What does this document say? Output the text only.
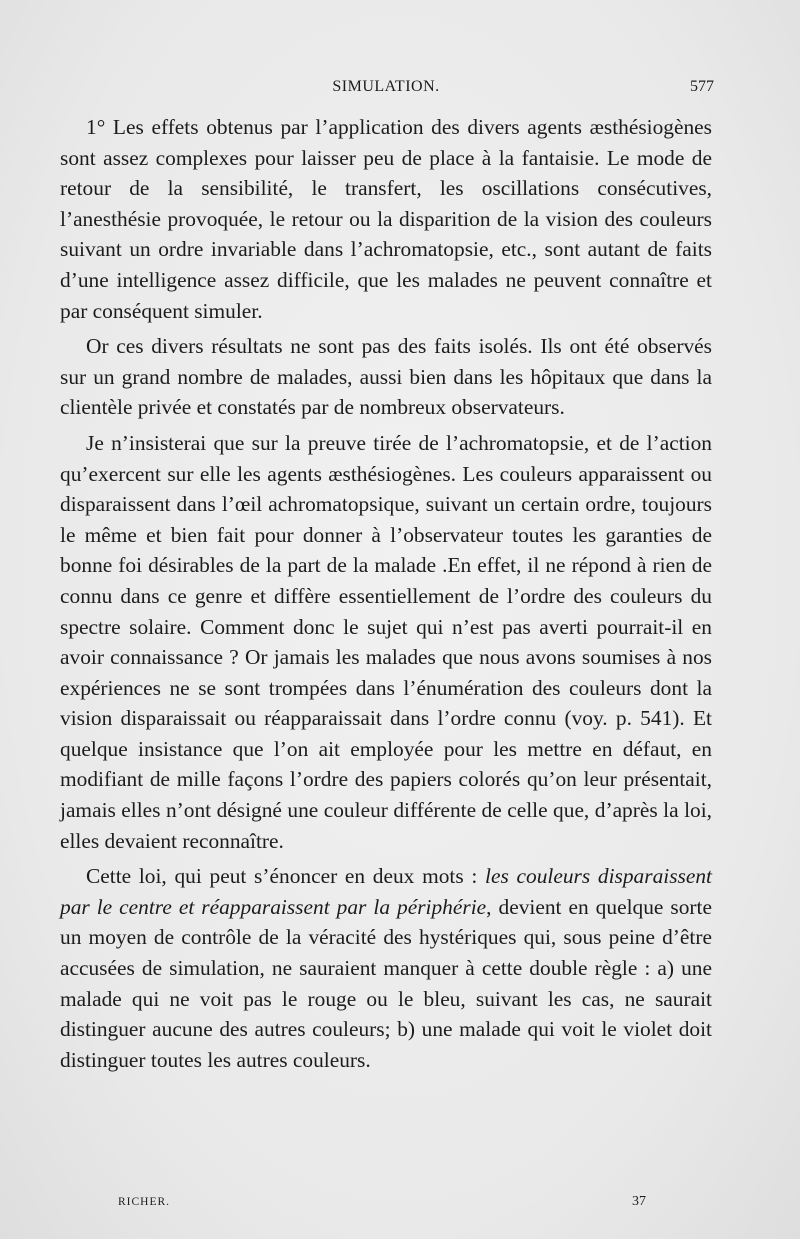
SIMULATION.	577

1° Les effets obtenus par l’application des divers agents æsthésiogènes sont assez complexes pour laisser peu de place à la fantaisie. Le mode de retour de la sensibilité, le transfert, les oscillations consécutives, l’anesthésie provoquée, le retour ou la disparition de la vision des couleurs suivant un ordre invariable dans l’achromatopsie, etc., sont autant de faits d’une intelligence assez difficile, que les malades ne peuvent connaître et par conséquent simuler.

Or ces divers résultats ne sont pas des faits isolés. Ils ont été observés sur un grand nombre de malades, aussi bien dans les hôpitaux que dans la clientèle privée et constatés par de nombreux observateurs.

Je n’insisterai que sur la preuve tirée de l’achromatopsie, et de l’action qu’exercent sur elle les agents æsthésiogènes. Les couleurs apparaissent ou disparaissent dans l’œil achromatopsique, suivant un certain ordre, toujours le même et bien fait pour donner à l’observateur toutes les garanties de bonne foi désirables de la part de la malade .En effet, il ne répond à rien de connu dans ce genre et diffère essentiellement de l’ordre des couleurs du spectre solaire. Comment donc le sujet qui n’est pas averti pourrait-il en avoir connaissance ? Or jamais les malades que nous avons soumises à nos expériences ne se sont trompées dans l’énumération des couleurs dont la vision disparaissait ou réapparaissait dans l’ordre connu (voy. p. 541). Et quelque insistance que l’on ait employée pour les mettre en défaut, en modifiant de mille façons l’ordre des papiers colorés qu’on leur présentait, jamais elles n’ont désigné une couleur différente de celle que, d’après la loi, elles devaient reconnaître.

Cette loi, qui peut s’énoncer en deux mots : les couleurs disparaissent par le centre et réapparaissent par la périphérie, devient en quelque sorte un moyen de contrôle de la véracité des hystériques qui, sous peine d’être accusées de simulation, ne sauraient manquer à cette double règle : a) une malade qui ne voit pas le rouge ou le bleu, suivant les cas, ne saurait distinguer aucune des autres couleurs; b) une malade qui voit le violet doit distinguer toutes les autres couleurs.

RICHER.	37
